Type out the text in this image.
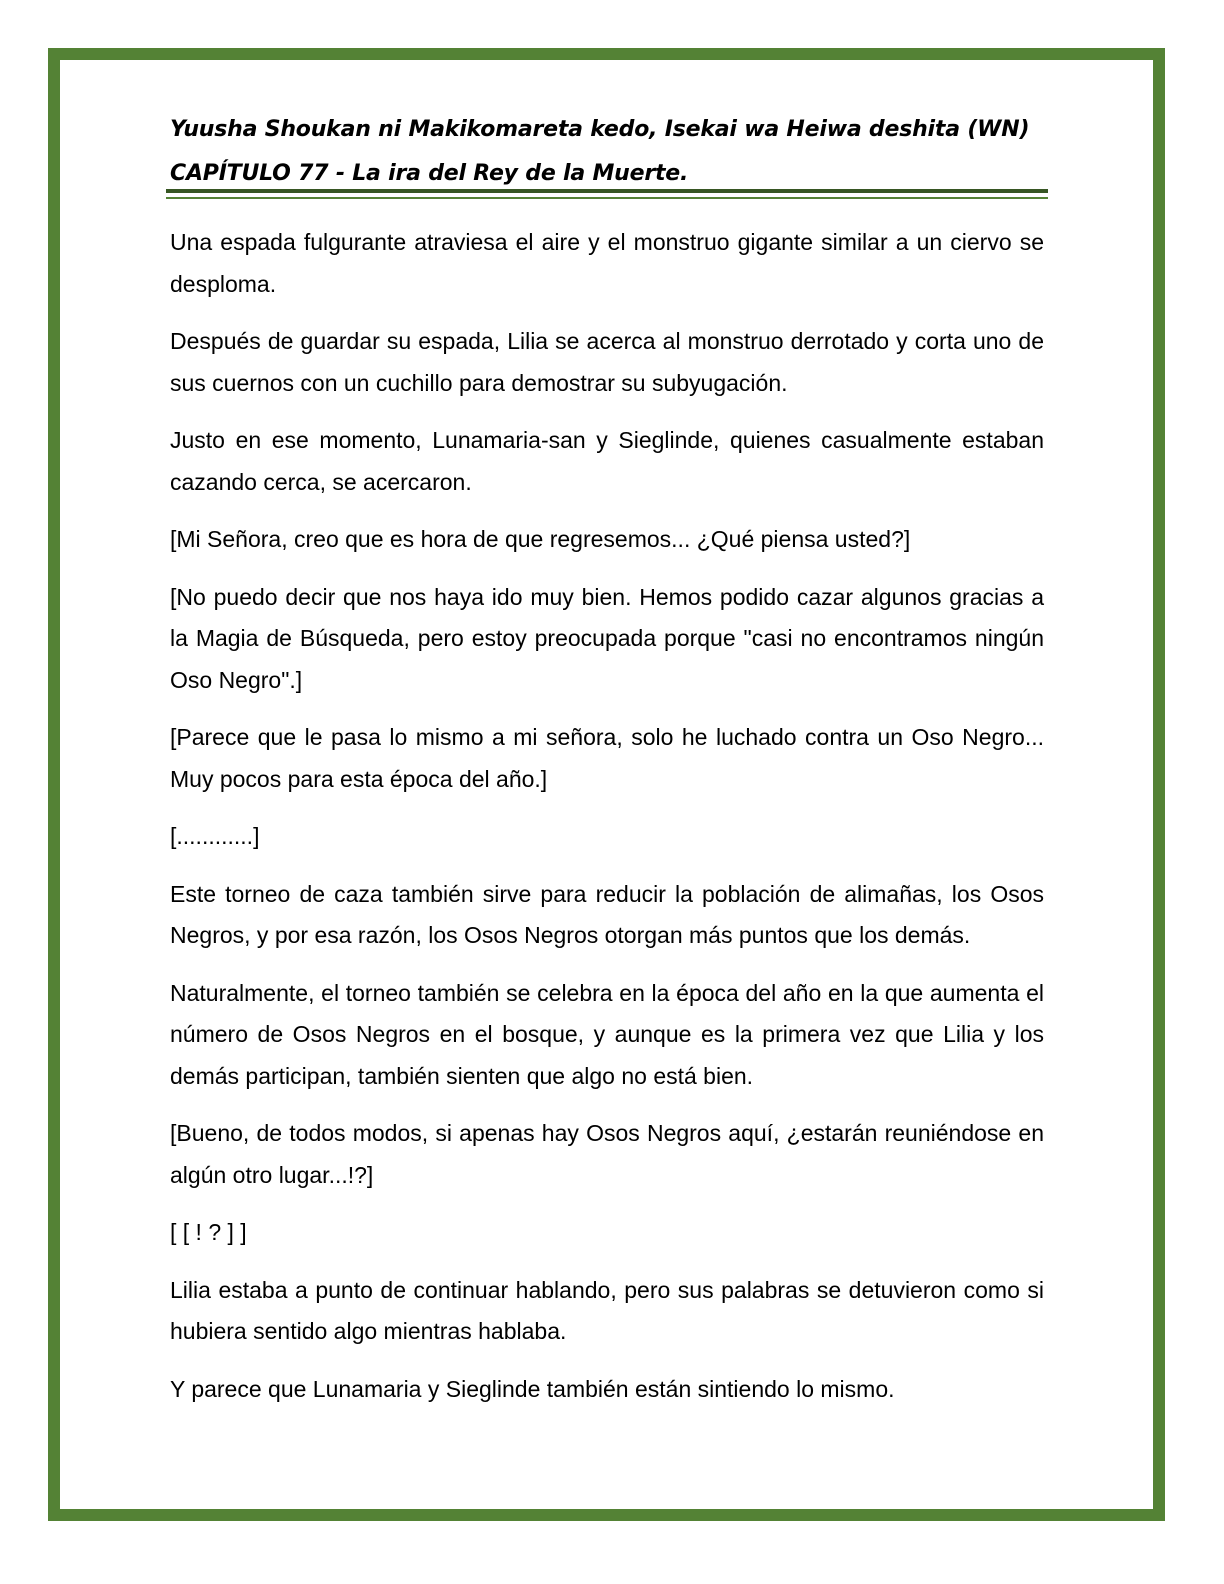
Yuusha Shoukan ni Makikomareta kedo, Isekai wa Heiwa deshita (WN)
CAPÍTULO 77 - La ira del Rey de la Muerte.

Una espada fulgurante atraviesa el aire y el monstruo gigante similar a un ciervo se desploma.

Después de guardar su espada, Lilia se acerca al monstruo derrotado y corta uno de sus cuernos con un cuchillo para demostrar su subyugación.

Justo en ese momento, Lunamaria-san y Sieglinde, quienes casualmente estaban cazando cerca, se acercaron.

[Mi Señora, creo que es hora de que regresemos... ¿Qué piensa usted?]

[No puedo decir que nos haya ido muy bien. Hemos podido cazar algunos gracias a la Magia de Búsqueda, pero estoy preocupada porque "casi no encontramos ningún Oso Negro".]

[Parece que le pasa lo mismo a mi señora, solo he luchado contra un Oso Negro... Muy pocos para esta época del año.]

[............]

Este torneo de caza también sirve para reducir la población de alimañas, los Osos Negros, y por esa razón, los Osos Negros otorgan más puntos que los demás.

Naturalmente, el torneo también se celebra en la época del año en la que aumenta el número de Osos Negros en el bosque, y aunque es la primera vez que Lilia y los demás participan, también sienten que algo no está bien.

[Bueno, de todos modos, si apenas hay Osos Negros aquí, ¿estarán reuniéndose en algún otro lugar...!?]

[ [ ! ? ] ]

Lilia estaba a punto de continuar hablando, pero sus palabras se detuvieron como si hubiera sentido algo mientras hablaba.

Y parece que Lunamaria y Sieglinde también están sintiendo lo mismo.
